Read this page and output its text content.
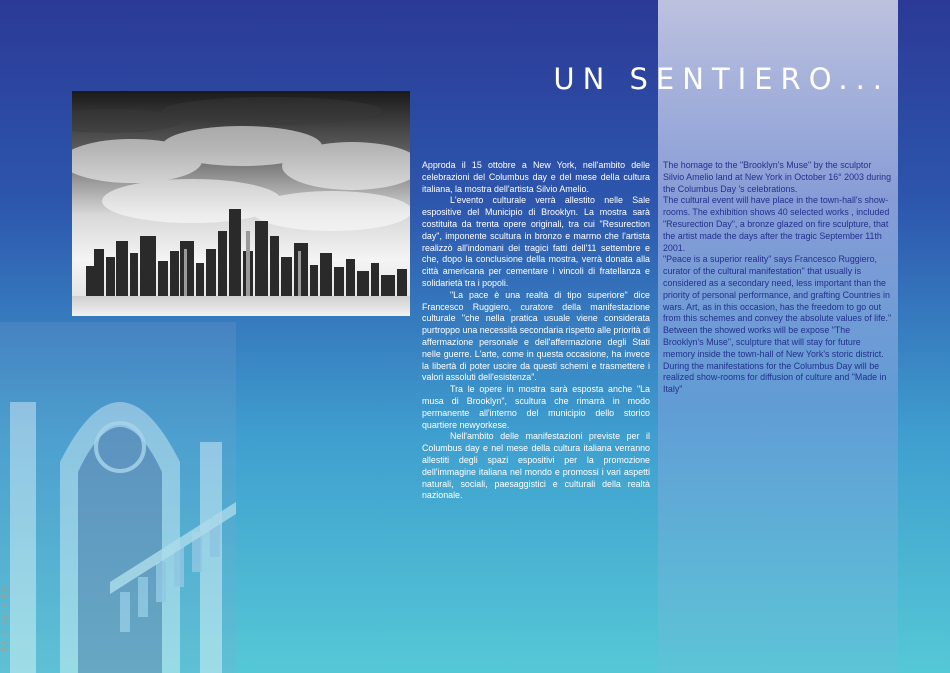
UN SENTIERO...
02 / 14 / 05

Approda il 15 ottobre a New York, nell'ambito delle celebrazioni del Columbus day e del mese della cultura italiana, la mostra dell'artista Silvio Amelio.

L'evento culturale verrà allestito nelle Sale espositive del Municipio di Brooklyn. La mostra sarà costituita da trenta opere originali, tra cui "Resurection day", imponente scultura in bronzo e marmo che l'artista realizzò all'indomani dei tragici fatti dell'11 settembre e che, dopo la conclusione della mostra, verrà donata alla città americana per cementare i vincoli di fratellanza e solidarietà tra i popoli.

"La pace è una realtà di tipo superiore" dice Francesco Ruggiero, curatore della manifestazione culturale "che nella pratica usuale viene considerata purtroppo una necessità secondaria rispetto alle priorità di affermazione personale e dell'affermazione degli Stati nelle guerre. L'arte, come in questa occasione, ha invece la libertà di poter uscire da questi schemi e trasmettere i valori assoluti dell'esistenza".

Tra le opere in mostra sarà esposta anche "La musa di Brooklyn", scultura che rimarrà in modo permanente all'interno del municipio dello storico quartiere newyorkese.

Nell'ambito delle manifestazioni previste per il Columbus day e nel mese della cultura italiana verranno allestiti degli spazi espositivi per la promozione dell'immagine italiana nel mondo e promossi i vari aspetti naturali, sociali, paesaggistici e culturali della realtà nazionale.

The homage to the "Brooklyn's Muse" by the sculptor Silvio Amelio land at New York in October 16° 2003 during the Columbus Day 's celebrations.

The cultural event will have place in the town-hall's show-rooms. The exhibition shows 40 selected works , included "Resurection Day", a bronze glazed on fire sculpture, that the artist made the days after the tragic September 11th 2001.

"Peace is a superior reality" says Francesco Ruggiero, curator of the cultural manifestation" that usually is considered as a secondary need, less important than the priority of personal performance, and grafting Countries in wars. Art, as in this occasion, has the freedom to go out from this schemes and convey the absolute values of life."

Between the showed works will be expose "The Brooklyn's Muse", sculpture that will stay for future memory inside the town-hall of New York's storic district.

During the manifestations for the Columbus Day will be realized show-rooms for diffusion of culture and "Made in Italy"
